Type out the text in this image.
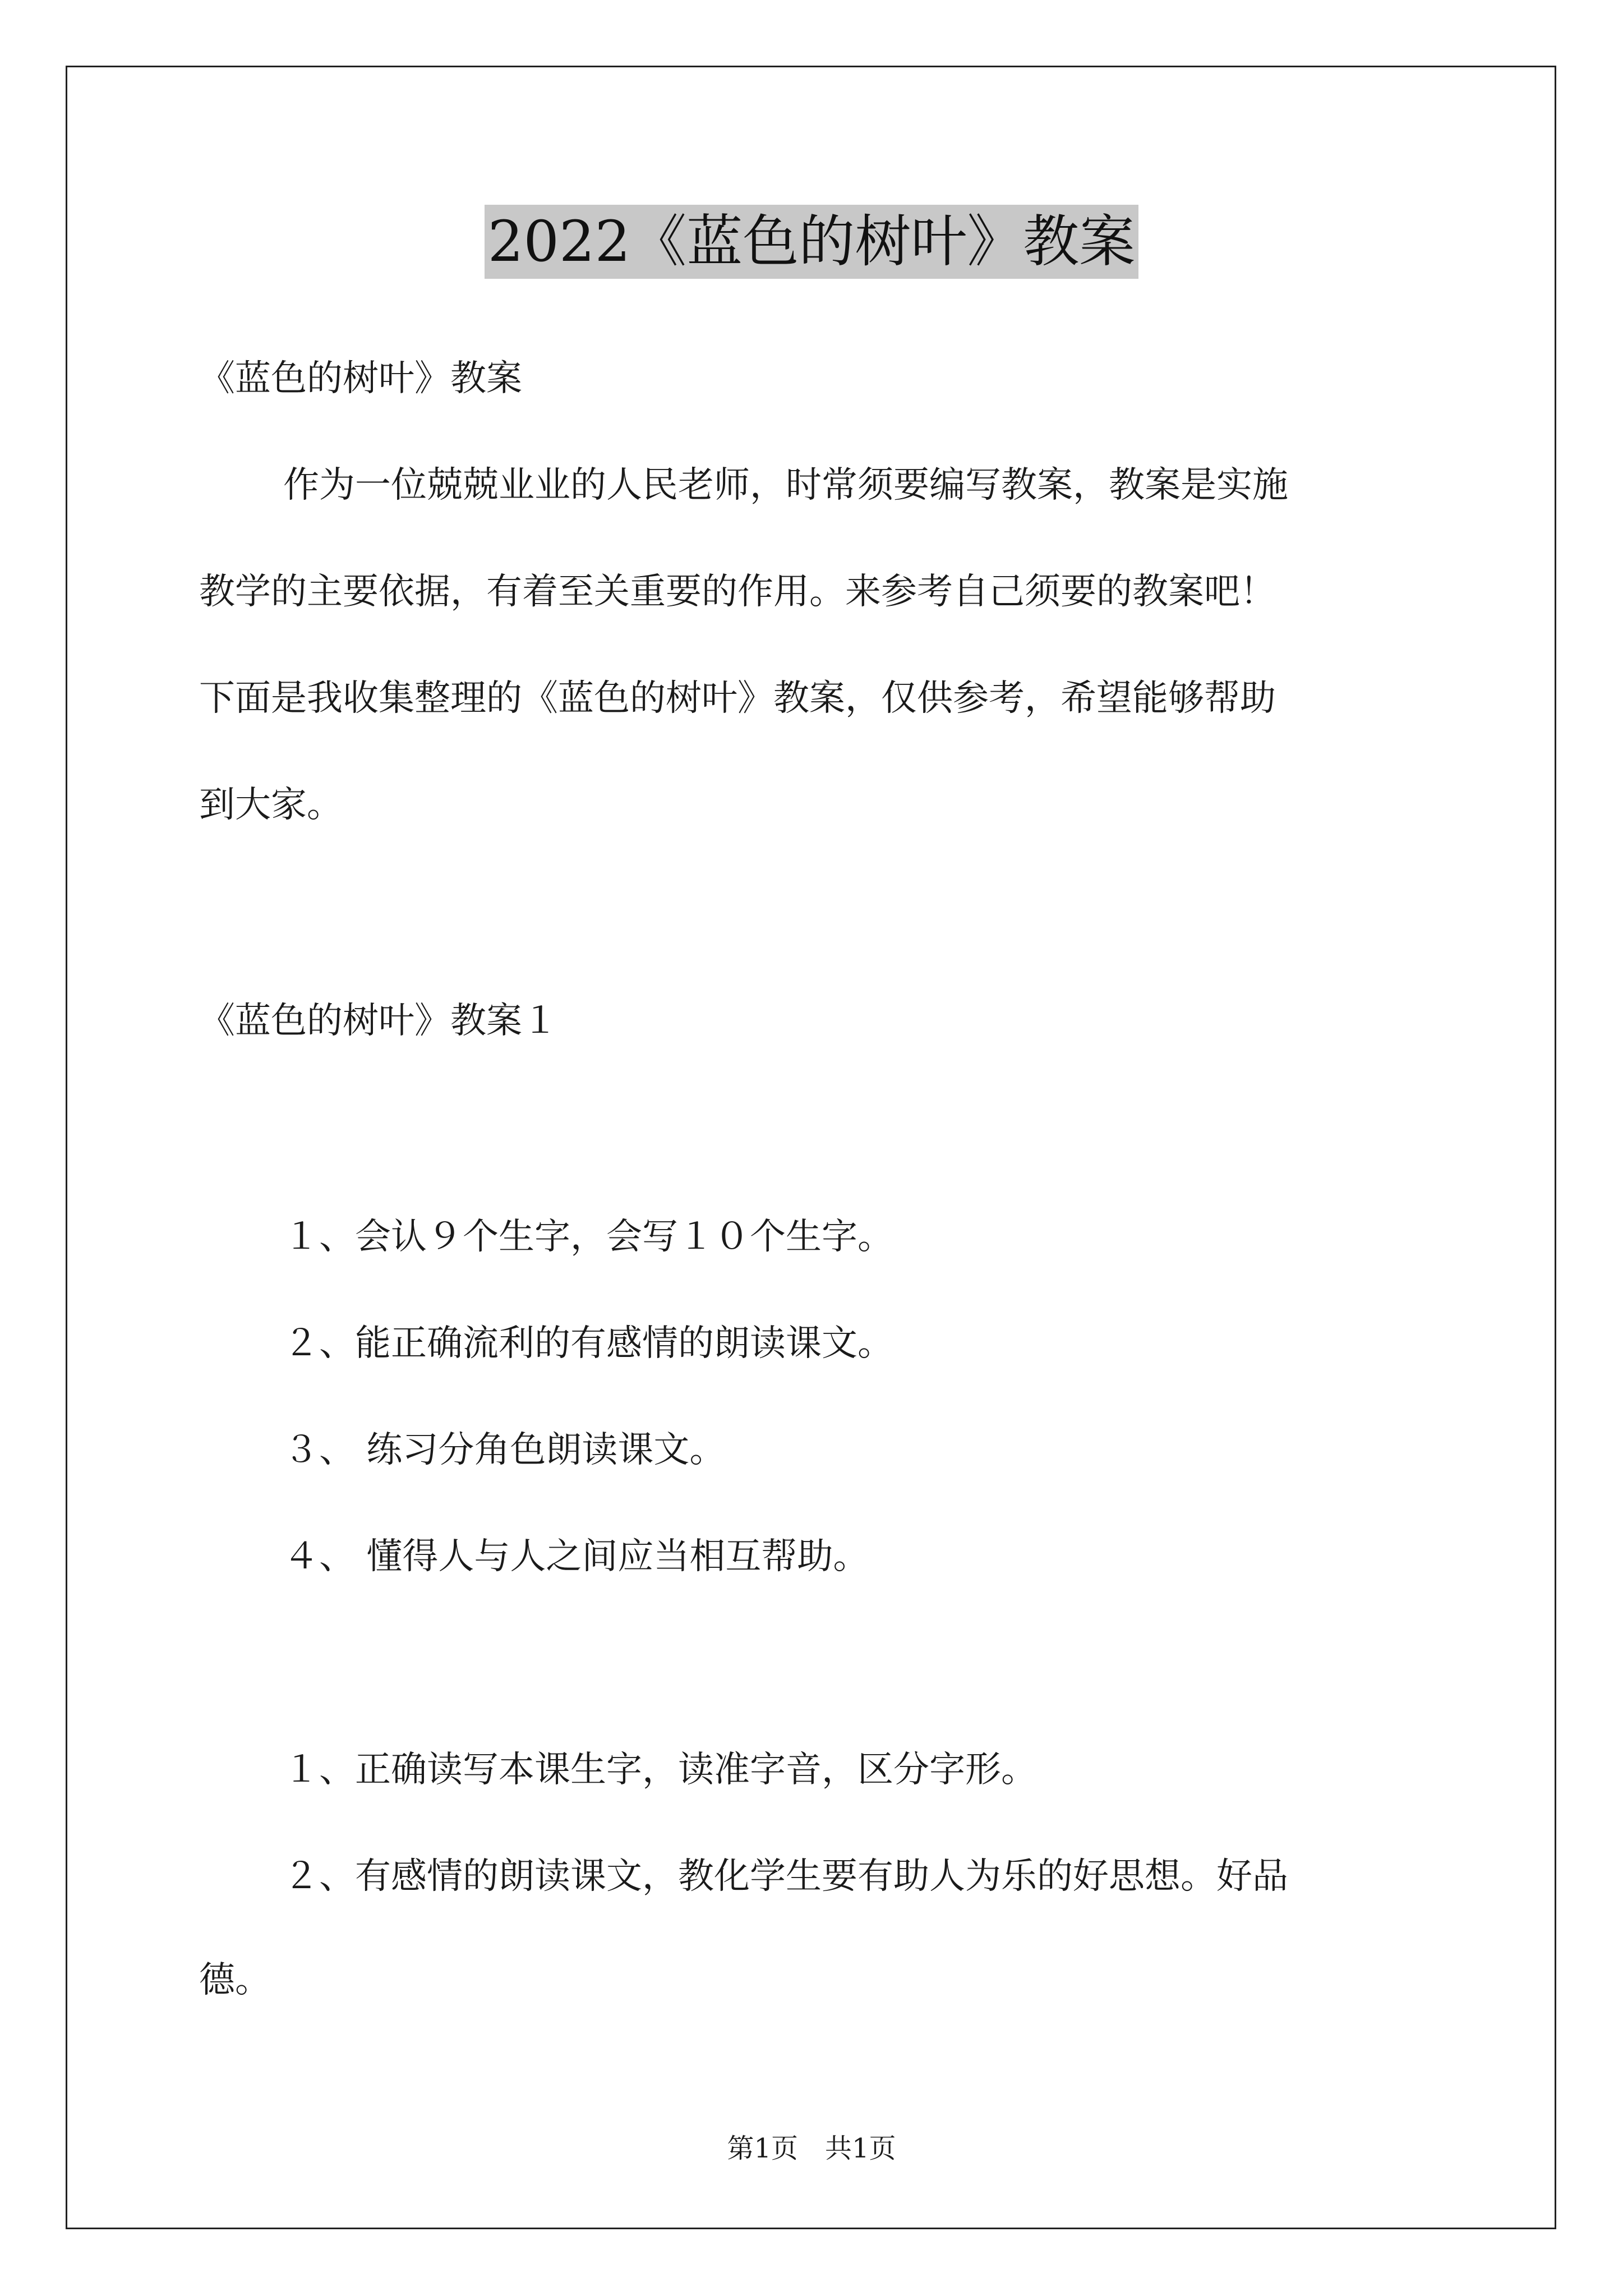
2022《蓝色的树叶》教案
《蓝色的树叶》教案
作为一位兢兢业业的人民老师，时常须要编写教案，教案是实施
教学的主要依据，有着至关重要的作用。来参考自己须要的教案吧！
下面是我收集整理的《蓝色的树叶》教案，仅供参考，希望能够帮助
到大家。
《蓝色的树叶》教案１
１、会认９个生字，会写１０个生字。
２、能正确流利的有感情的朗读课文。
３、 练习分角色朗读课文。
４、 懂得人与人之间应当相互帮助。
１、正确读写本课生字，读准字音，区分字形。
２、有感情的朗读课文，教化学生要有助人为乐的好思想。好品
德。
第1页　共1页
